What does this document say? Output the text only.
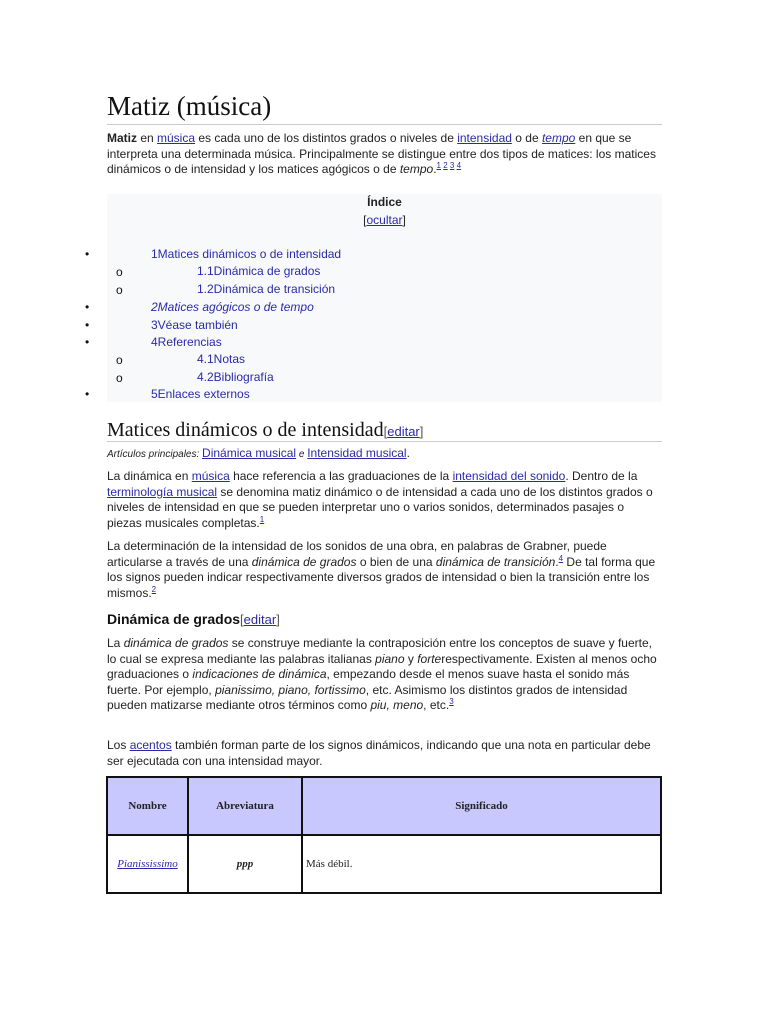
Matiz (música)
Matiz en música es cada uno de los distintos grados o niveles de intensidad o de tempo en que se interpreta una determinada música. Principalmente se distingue entre dos tipos de matices: los matices dinámicos o de intensidad y los matices agógicos o de tempo.$^{1 2 3 4}$
Índice
[ocultar]
•	1Matices dinámicos o de intensidad
o	1.1Dinámica de grados
o	1.2Dinámica de transición
•	2Matices agógicos o de tempo
•	3Véase también
•	4Referencias
o	4.1Notas
o	4.2Bibliografía
•	5Enlaces externos
Matices dinámicos o de intensidad[editar]
Artículos principales: Dinámica musical e Intensidad musical.
La dinámica en música hace referencia a las graduaciones de la intensidad del sonido. Dentro de la terminología musical se denomina matiz dinámico o de intensidad a cada uno de los distintos grados o niveles de intensidad en que se pueden interpretar uno o varios sonidos, determinados pasajes o piezas musicales completas.$^1$
La determinación de la intensidad de los sonidos de una obra, en palabras de Grabner, puede articularse a través de una dinámica de grados o bien de una dinámica de transición.$^4$ De tal forma que los signos pueden indicar respectivamente diversos grados de intensidad o bien la transición entre los mismos.$^2$
Dinámica de grados[editar]
La dinámica de grados se construye mediante la contraposición entre los conceptos de suave y fuerte, lo cual se expresa mediante las palabras italianas piano y forterespectivamente. Existen al menos ocho graduaciones o indicaciones de dinámica, empezando desde el menos suave hasta el sonido más fuerte. Por ejemplo, pianissimo, piano, fortissimo, etc. Asimismo los distintos grados de intensidad pueden matizarse mediante otros términos como piu, meno, etc.$^3$
Los acentos también forman parte de los signos dinámicos, indicando que una nota en particular debe ser ejecutada con una intensidad mayor.
Nombre	Abreviatura	Significado
Pianississimo	ppp	Más débil.
